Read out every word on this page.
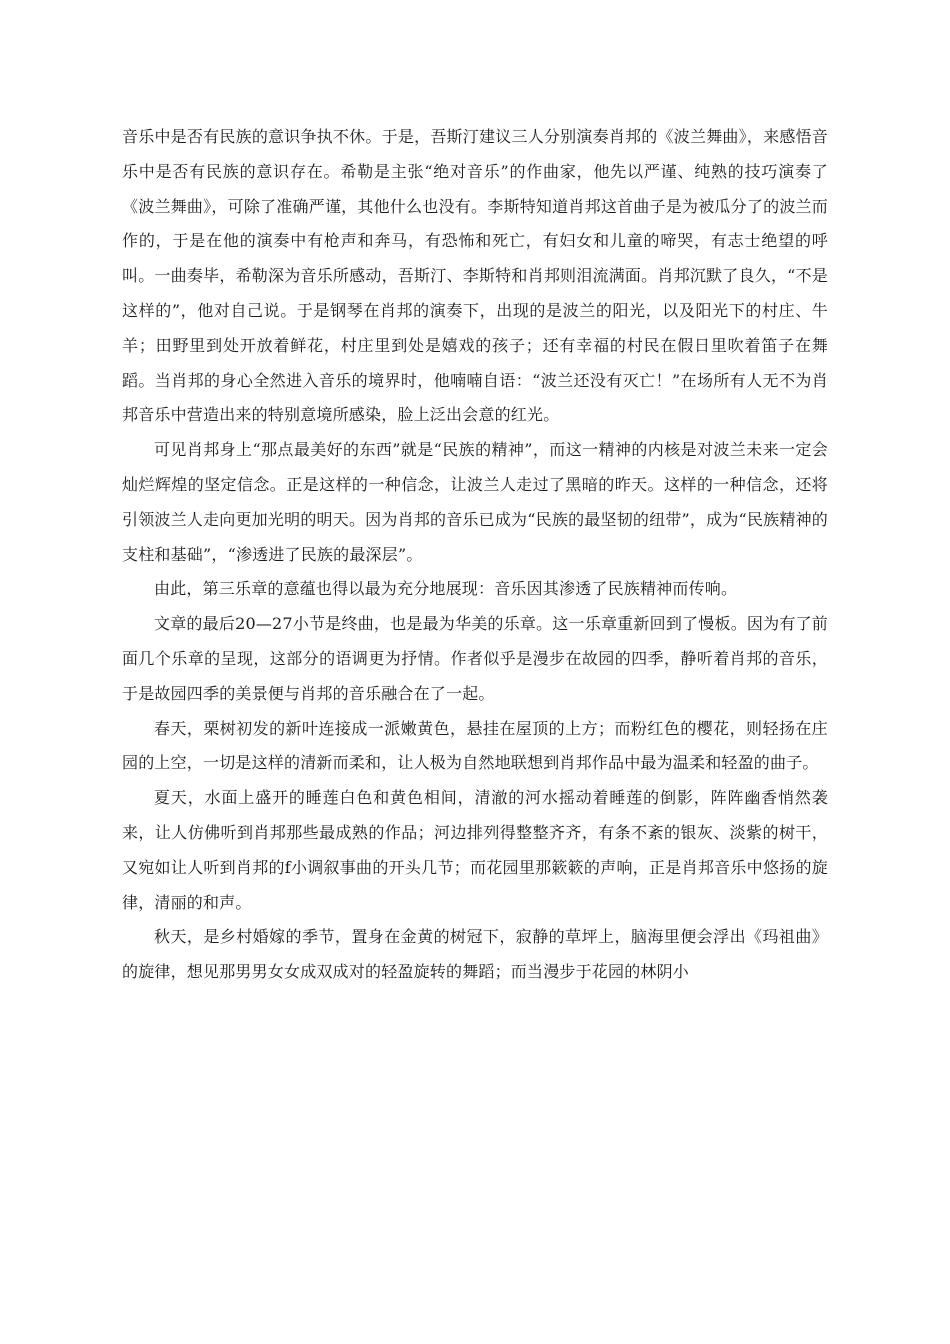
音乐中是否有民族的意识争执不休。于是，吾斯汀建议三人分别演奏肖邦的《波兰舞曲》，来感悟音乐中是否有民族的意识存在。希勒是主张“绝对音乐”的作曲家，他先以严谨、纯熟的技巧演奏了《波兰舞曲》，可除了准确严谨，其他什么也没有。李斯特知道肖邦这首曲子是为被瓜分了的波兰而作的，于是在他的演奏中有枪声和奔马，有恐怖和死亡，有妇女和儿童的啼哭，有志士绝望的呼叫。一曲奏毕，希勒深为音乐所感动，吾斯汀、李斯特和肖邦则泪流满面。肖邦沉默了良久，“不是这样的”，他对自己说。于是钢琴在肖邦的演奏下，出现的是波兰的阳光，以及阳光下的村庄、牛羊；田野里到处开放着鲜花，村庄里到处是嬉戏的孩子；还有幸福的村民在假日里吹着笛子在舞蹈。当肖邦的身心全然进入音乐的境界时，他喃喃自语：“波兰还没有灭亡！”在场所有人无不为肖邦音乐中营造出来的特别意境所感染，脸上泛出会意的红光。

可见肖邦身上“那点最美好的东西”就是“民族的精神”，而这一精神的内核是对波兰未来一定会灿烂辉煌的坚定信念。正是这样的一种信念，让波兰人走过了黑暗的昨天。这样的一种信念，还将引领波兰人走向更加光明的明天。因为肖邦的音乐已成为“民族的最坚韧的纽带”，成为“民族精神的支柱和基础”，“渗透进了民族的最深层”。

由此，第三乐章的意蕴也得以最为充分地展现：音乐因其渗透了民族精神而传响。

文章的最后20—27小节是终曲，也是最为华美的乐章。这一乐章重新回到了慢板。因为有了前面几个乐章的呈现，这部分的语调更为抒情。作者似乎是漫步在故园的四季，静听着肖邦的音乐，于是故园四季的美景便与肖邦的音乐融合在了一起。

春天，栗树初发的新叶连接成一派嫩黄色，悬挂在屋顶的上方；而粉红色的樱花，则轻扬在庄园的上空，一切是这样的清新而柔和，让人极为自然地联想到肖邦作品中最为温柔和轻盈的曲子。

夏天，水面上盛开的睡莲白色和黄色相间，清澈的河水摇动着睡莲的倒影，阵阵幽香悄然袭来，让人仿佛听到肖邦那些最成熟的作品；河边排列得整整齐齐，有条不紊的银灰、淡紫的树干，又宛如让人听到肖邦的f小调叙事曲的开头几节；而花园里那簌簌的声响，正是肖邦音乐中悠扬的旋律，清丽的和声。

秋天，是乡村婚嫁的季节，置身在金黄的树冠下，寂静的草坪上，脑海里便会浮出《玛祖曲》的旋律，想见那男男女女成双成对的轻盈旋转的舞蹈；而当漫步于花园的林阴小
